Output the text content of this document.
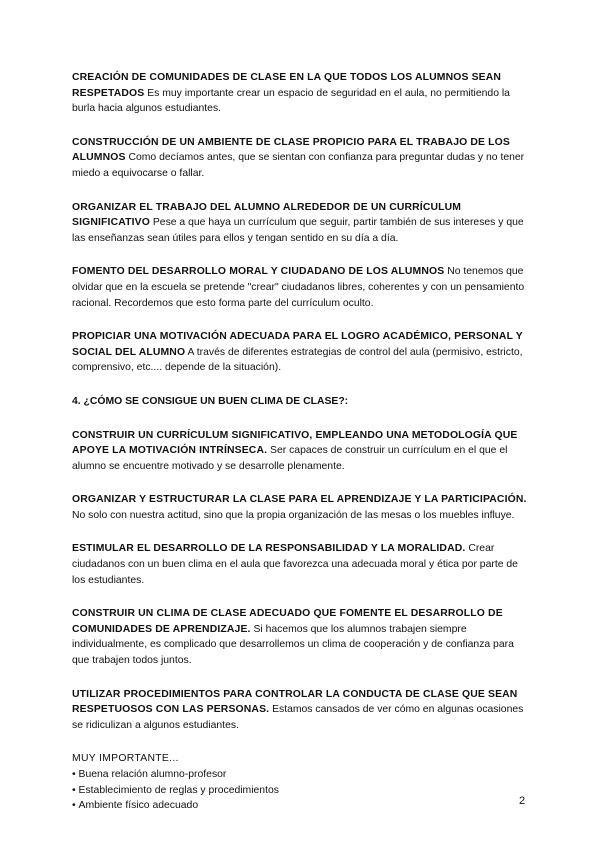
CREACIÓN DE COMUNIDADES DE CLASE EN LA QUE TODOS LOS ALUMNOS SEAN RESPETADOS Es muy importante crear un espacio de seguridad en el aula, no permitiendo la burla hacia algunos estudiantes.

CONSTRUCCIÓN DE UN AMBIENTE DE CLASE PROPICIO PARA EL TRABAJO DE LOS ALUMNOS Como decíamos antes, que se sientan con confianza para preguntar dudas y no tener miedo a equivocarse o fallar.

ORGANIZAR EL TRABAJO DEL ALUMNO ALREDEDOR DE UN CURRÍCULUM SIGNIFICATIVO Pese a que haya un currículum que seguir, partir también de sus intereses y que las enseñanzas sean útiles para ellos y tengan sentido en su día a día.

FOMENTO DEL DESARROLLO MORAL Y CIUDADANO DE LOS ALUMNOS No tenemos que olvidar que en la escuela se pretende "crear" ciudadanos libres, coherentes y con un pensamiento racional. Recordemos que esto forma parte del currículum oculto.

PROPICIAR UNA MOTIVACIÓN ADECUADA PARA EL LOGRO ACADÉMICO, PERSONAL Y SOCIAL DEL ALUMNO A través de diferentes estrategias de control del aula (permisivo, estricto, comprensivo, etc.... depende de la situación).

4. ¿CÓMO SE CONSIGUE UN BUEN CLIMA DE CLASE?:

CONSTRUIR UN CURRÍCULUM SIGNIFICATIVO, EMPLEANDO UNA METODOLOGÍA QUE APOYE LA MOTIVACIÓN INTRÍNSECA. Ser capaces de construir un currículum en el que el alumno se encuentre motivado y se desarrolle plenamente.

ORGANIZAR Y ESTRUCTURAR LA CLASE PARA EL APRENDIZAJE Y LA PARTICIPACIÓN. No solo con nuestra actitud, sino que la propia organización de las mesas o los muebles influye.

ESTIMULAR EL DESARROLLO DE LA RESPONSABILIDAD Y LA MORALIDAD. Crear ciudadanos con un buen clima en el aula que favorezca una adecuada moral y ética por parte de los estudiantes.

CONSTRUIR UN CLIMA DE CLASE ADECUADO QUE FOMENTE EL DESARROLLO DE COMUNIDADES DE APRENDIZAJE. Si hacemos que los alumnos trabajen siempre individualmente, es complicado que desarrollemos un clima de cooperación y de confianza para que trabajen todos juntos.

UTILIZAR PROCEDIMIENTOS PARA CONTROLAR LA CONDUCTA DE CLASE QUE SEAN RESPETUOSOS CON LAS PERSONAS. Estamos cansados de ver cómo en algunas ocasiones se ridiculizan a algunos estudiantes.

MUY IMPORTANTE...

• Buena relación alumno-profesor
• Establecimiento de reglas y procedimientos
• Ambiente físico adecuado	2
